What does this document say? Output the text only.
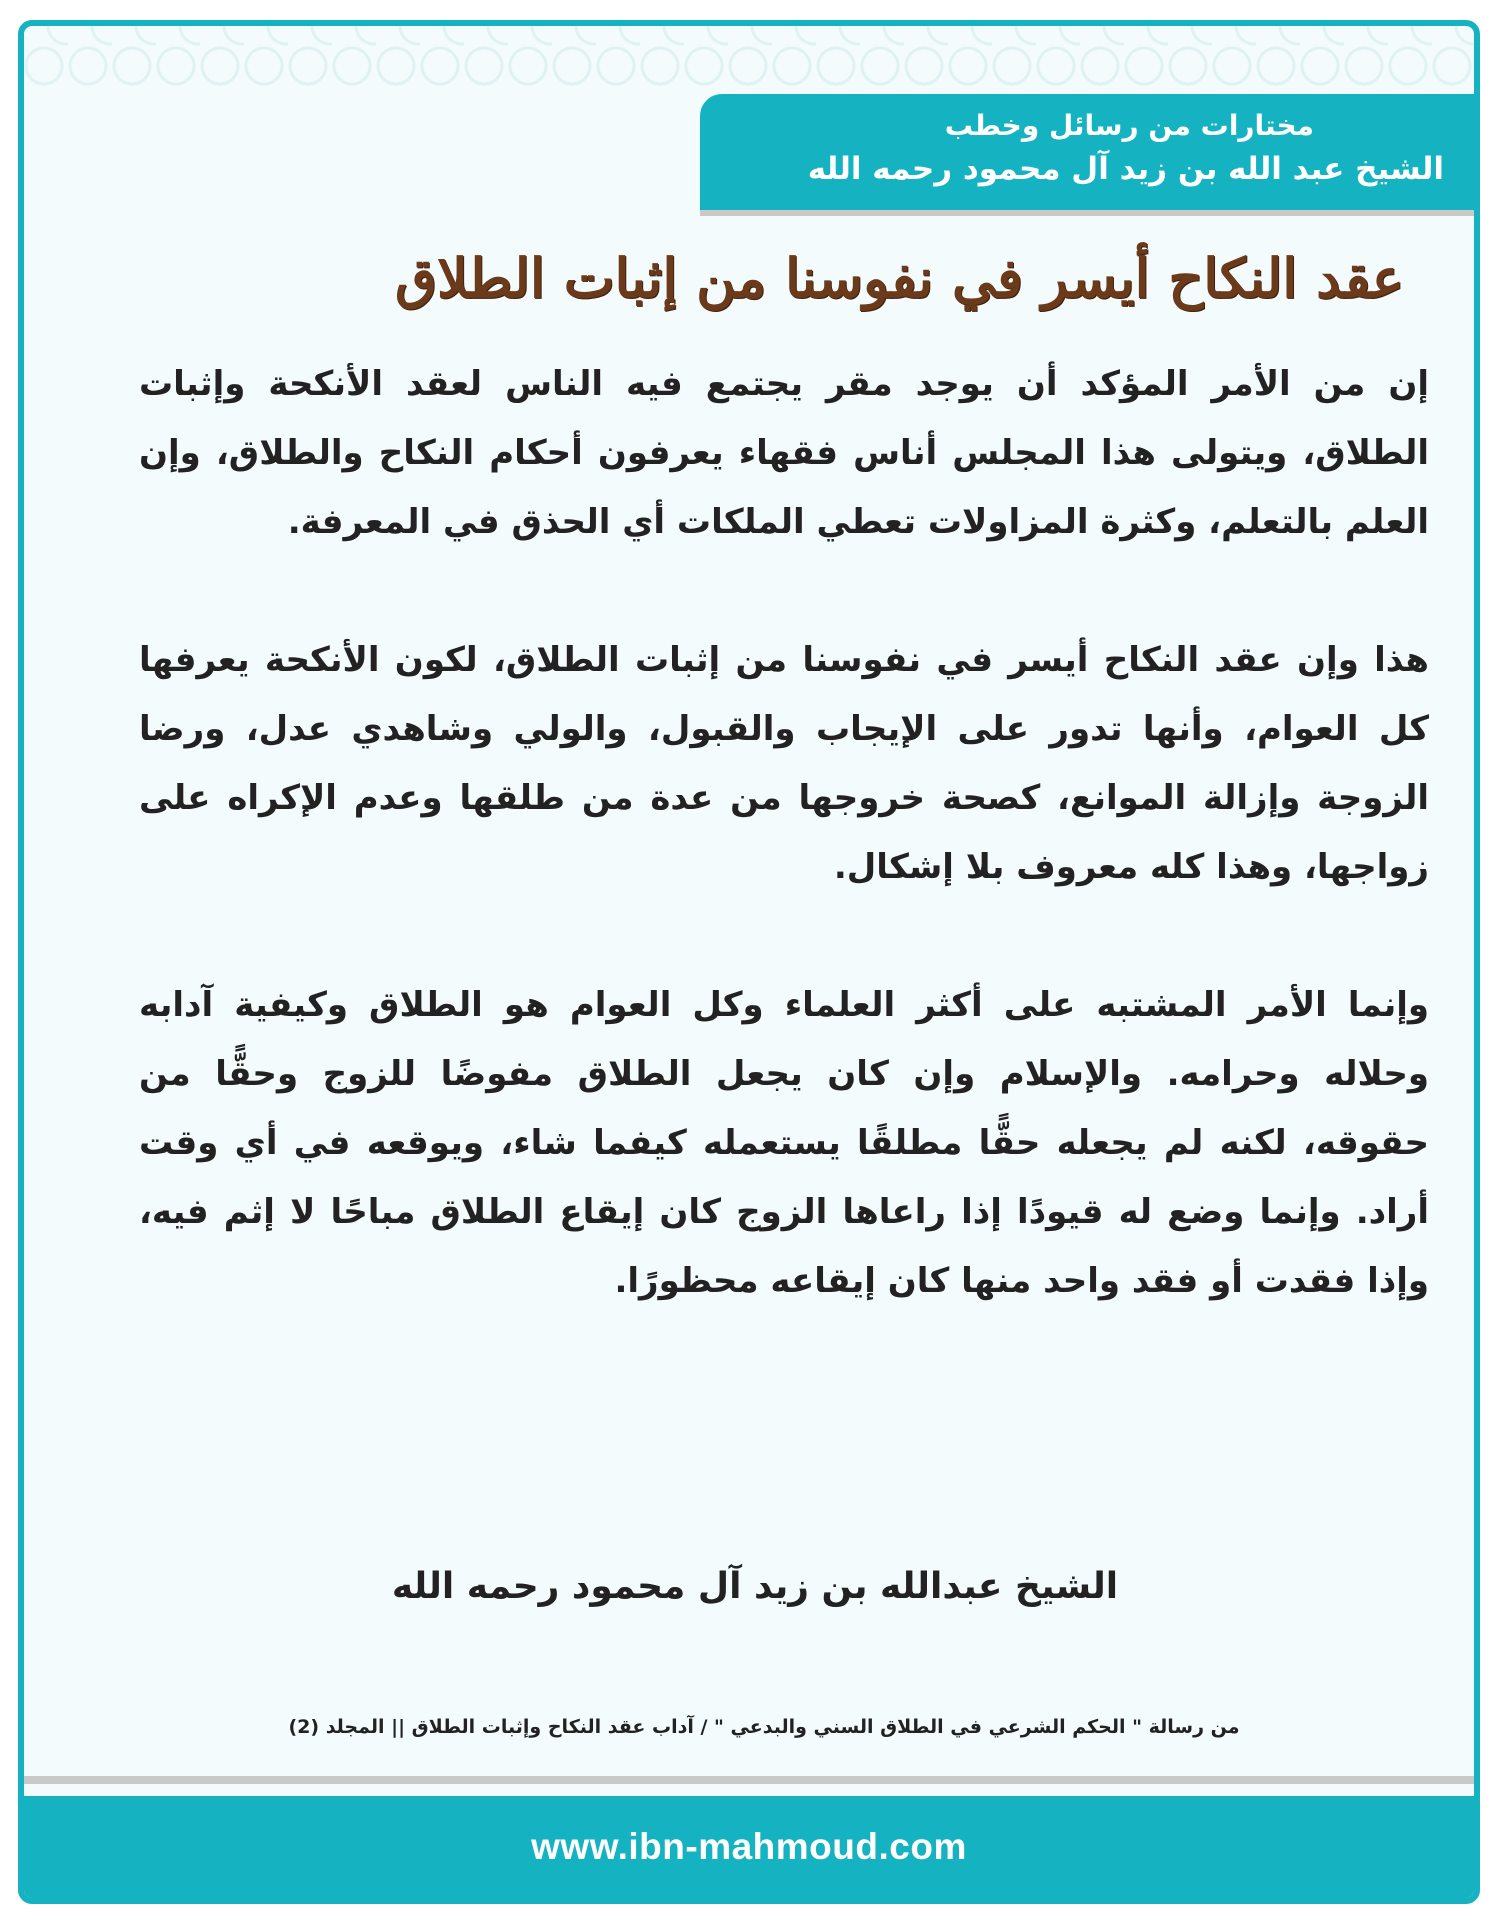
مختارات من رسائل وخطب
الشيخ عبد الله بن زيد آل محمود رحمه الله
عقد النكاح أيسر في نفوسنا من إثبات الطلاق

إن من الأمر المؤكد أن يوجد مقر يجتمع فيه الناس لعقد الأنكحة وإثبات الطلاق، ويتولى هذا المجلس أناس فقهاء يعرفون أحكام النكاح والطلاق، وإن العلم بالتعلم، وكثرة المزاولات تعطي الملكات أي الحذق في المعرفة.

هذا وإن عقد النكاح أيسر في نفوسنا من إثبات الطلاق، لكون الأنكحة يعرفها كل العوام، وأنها تدور على الإيجاب والقبول، والولي وشاهدي عدل، ورضا الزوجة وإزالة الموانع، كصحة خروجها من عدة من طلقها وعدم الإكراه على زواجها، وهذا كله معروف بلا إشكال.

وإنما الأمر المشتبه على أكثر العلماء وكل العوام هو الطلاق وكيفية آدابه وحلاله وحرامه. والإسلام وإن كان يجعل الطلاق مفوضًا للزوج وحقًّا من حقوقه، لكنه لم يجعله حقًّا مطلقًا يستعمله كيفما شاء، ويوقعه في أي وقت أراد. وإنما وضع له قيودًا إذا راعاها الزوج كان إيقاع الطلاق مباحًا لا إثم فيه، وإذا فقدت أو فقد واحد منها كان إيقاعه محظورًا.

الشيخ عبدالله بن زيد آل محمود رحمه الله
من رسالة " الحكم الشرعي في الطلاق السني والبدعي " / آداب عقد النكاح وإثبات الطلاق || المجلد (2)
www.ibn-mahmoud.com
